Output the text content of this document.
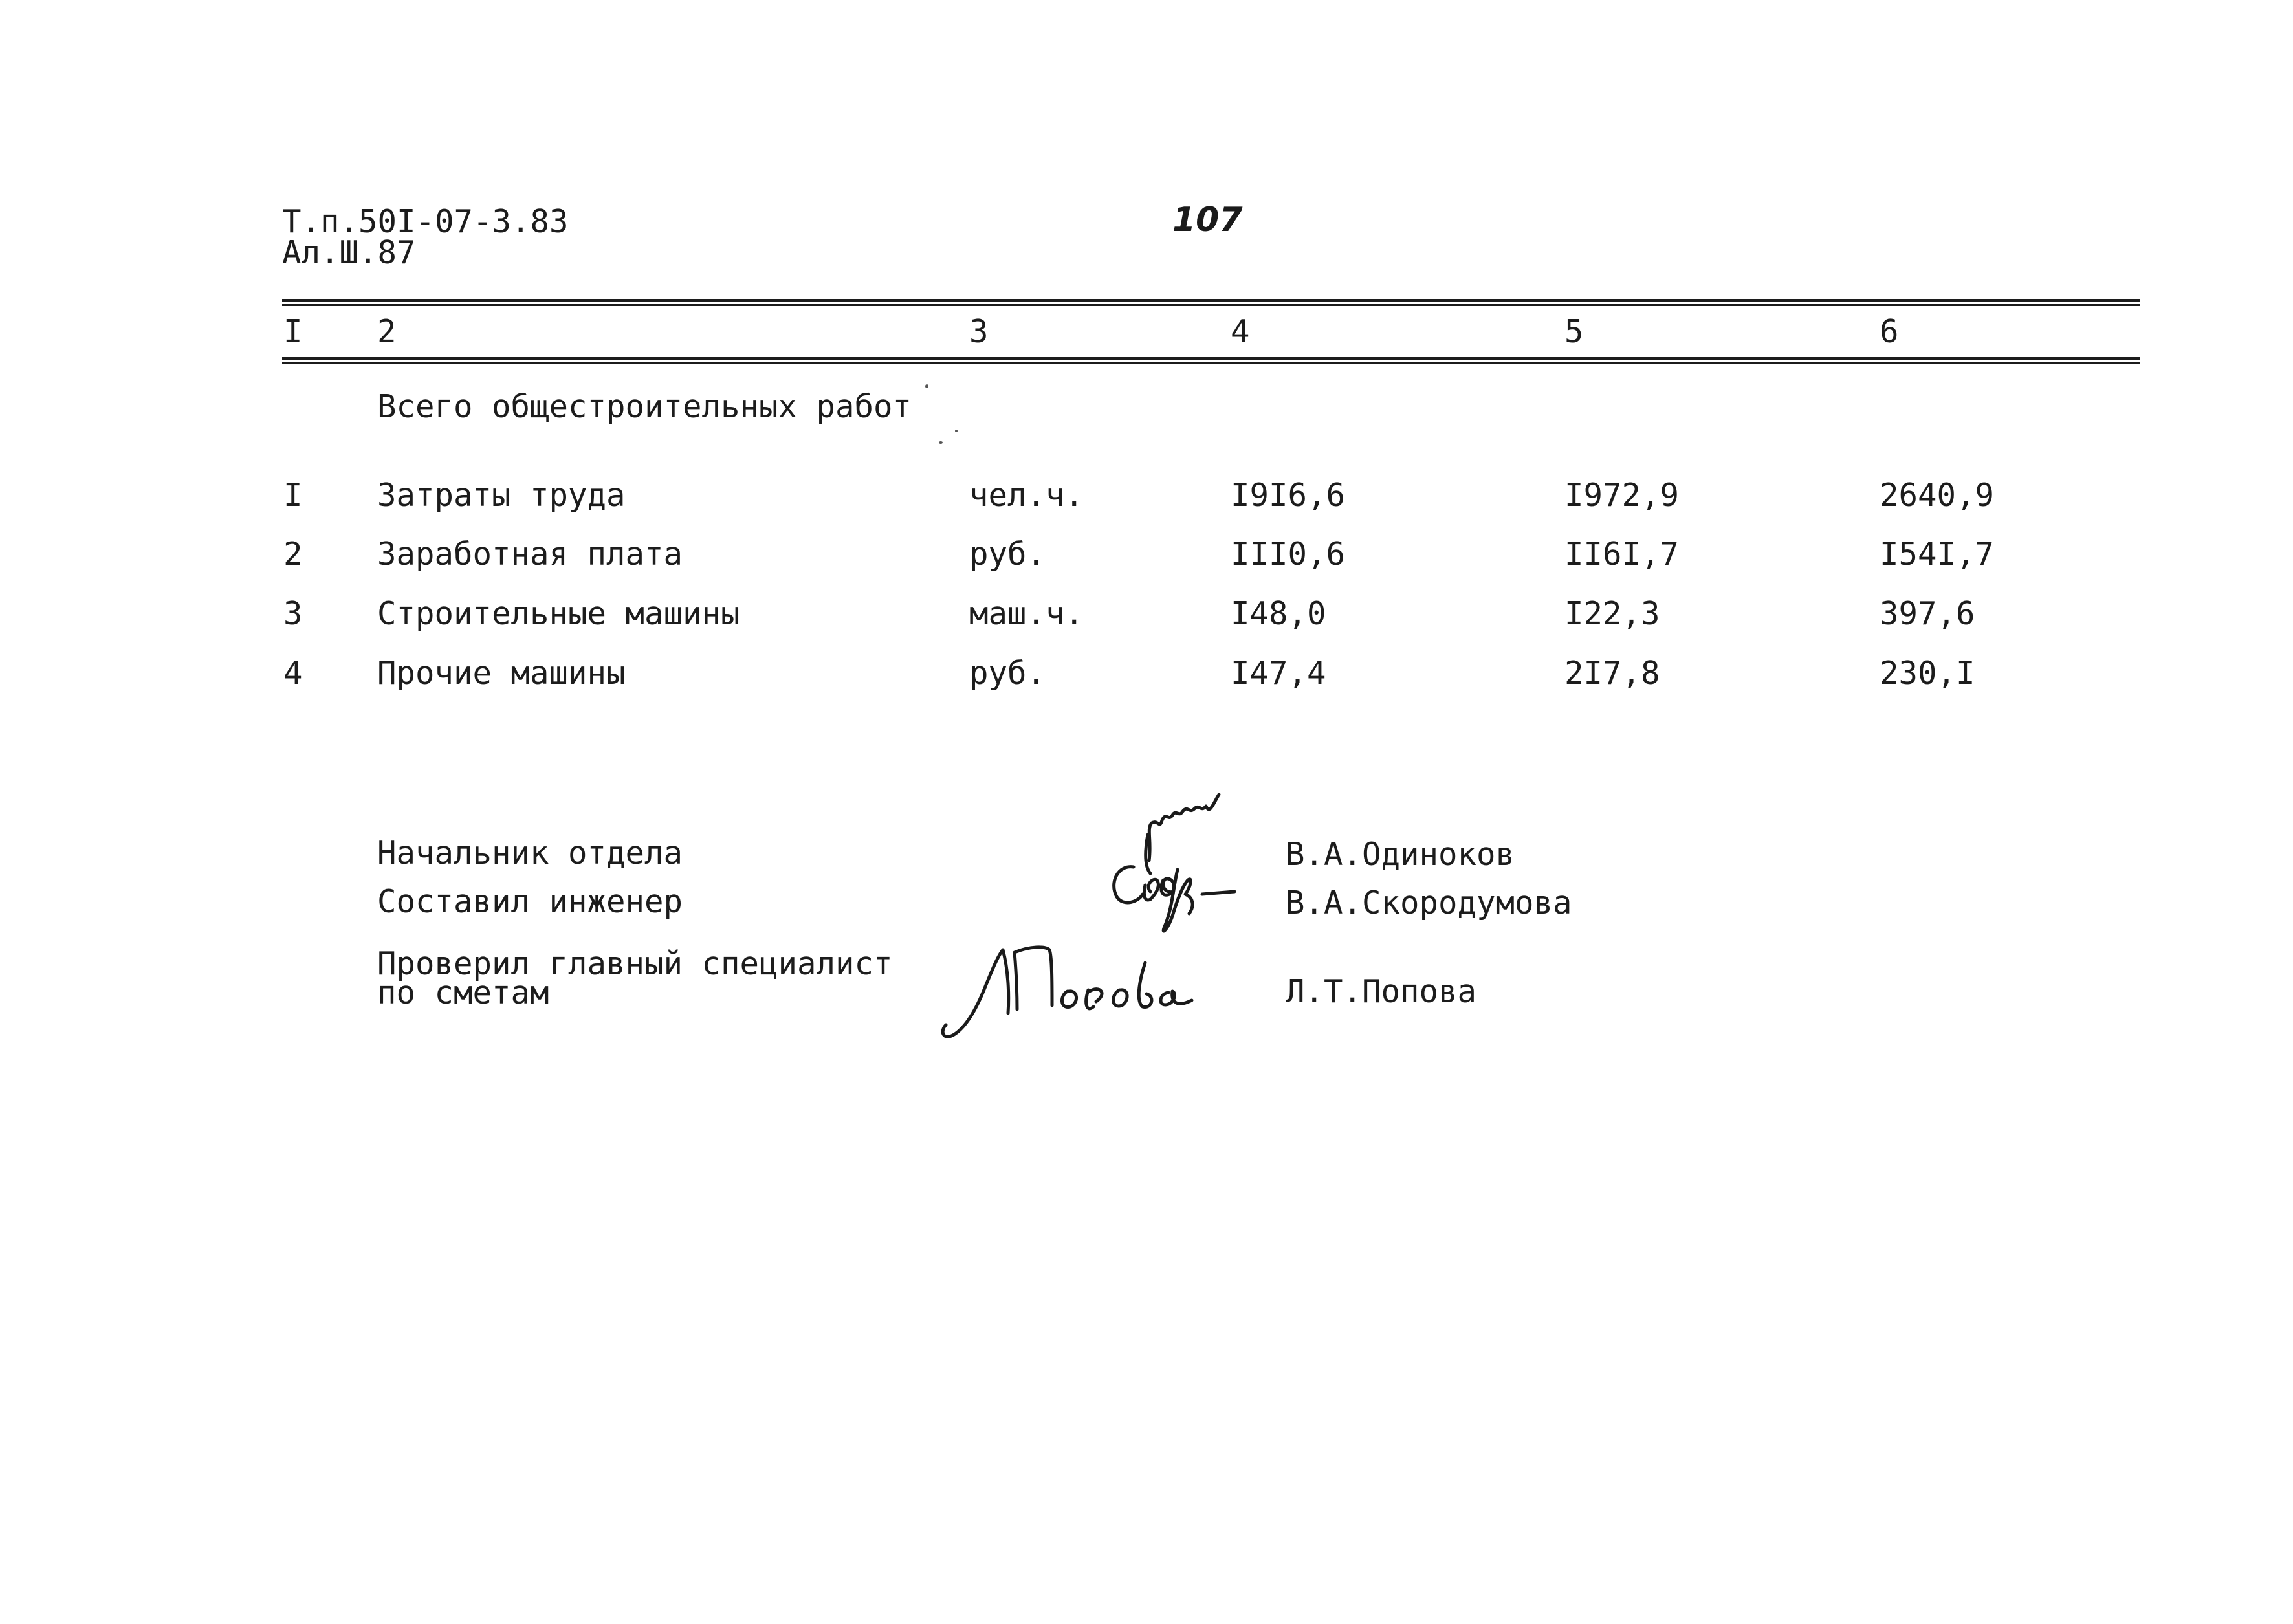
Т.п.50I-07-3.83
Ал.Ш.87
107
I 2	3	4	5	6
Всего общестроительных работ
I Затраты труда	чел.ч.	I9I6,6	I972,9	2640,9
2 Заработная плата	руб.	III0,6	II6I,7	I54I,7
3 Строительные машины	маш.ч.	I48,0	I22,3	397,6
4 Прочие машины	руб.	I47,4	2I7,8	230,I
Начальник отдела
Составил инженер
Проверил главный специалист
по сметам
В.А.Одиноков
В.А.Скородумова
Л.Т.Попова
